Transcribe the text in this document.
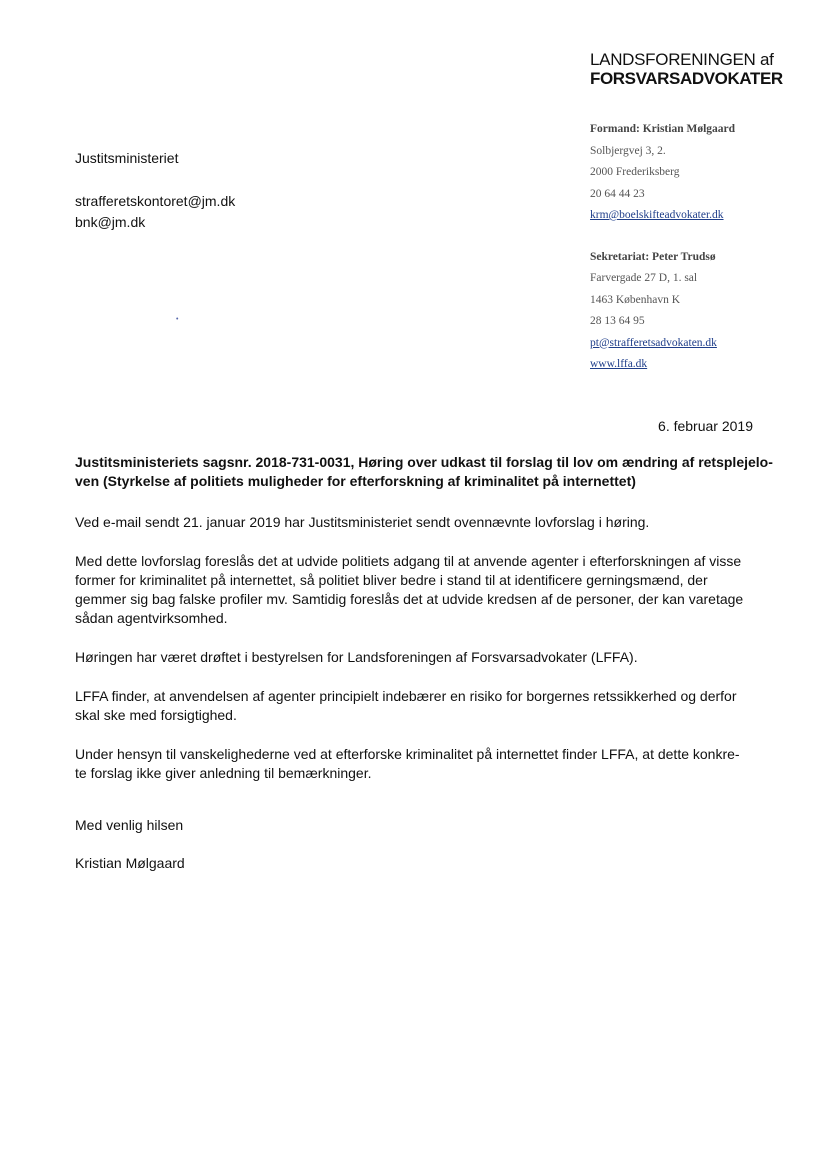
LANDSFORENINGEN af
FORSVARSADVOKATER
Formand: Kristian Mølgaard
Solbjergvej 3, 2.
2000 Frederiksberg
20 64 44 23
krm@boelskifteadvokater.dk
Sekretariat: Peter Trudsø
Farvergade 27 D, 1. sal
1463 København K
28 13 64 95
pt@strafferetsadvokaten.dk
www.lffa.dk
Justitsministeriet
strafferetskontoret@jm.dk
bnk@jm.dk
•
6. februar 2019

Justitsministeriets sagsnr. 2018-731-0031, Høring over udkast til forslag til lov om ændring af retsplejelo-
ven (Styrkelse af politiets muligheder for efterforskning af kriminalitet på internettet)

Ved e-mail sendt 21. januar 2019 har Justitsministeriet sendt ovennævnte lovforslag i høring.

Med dette lovforslag foreslås det at udvide politiets adgang til at anvende agenter i efterforskningen af visse
former for kriminalitet på internettet, så politiet bliver bedre i stand til at identificere gerningsmænd, der
gemmer sig bag falske profiler mv. Samtidig foreslås det at udvide kredsen af de personer, der kan varetage
sådan agentvirksomhed.

Høringen har været drøftet i bestyrelsen for Landsforeningen af Forsvarsadvokater (LFFA).

LFFA finder, at anvendelsen af agenter principielt indebærer en risiko for borgernes retssikkerhed og derfor
skal ske med forsigtighed.

Under hensyn til vanskelighederne ved at efterforske kriminalitet på internettet finder LFFA, at dette konkre-
te forslag ikke giver anledning til bemærkninger.

Med venlig hilsen

Kristian Mølgaard
